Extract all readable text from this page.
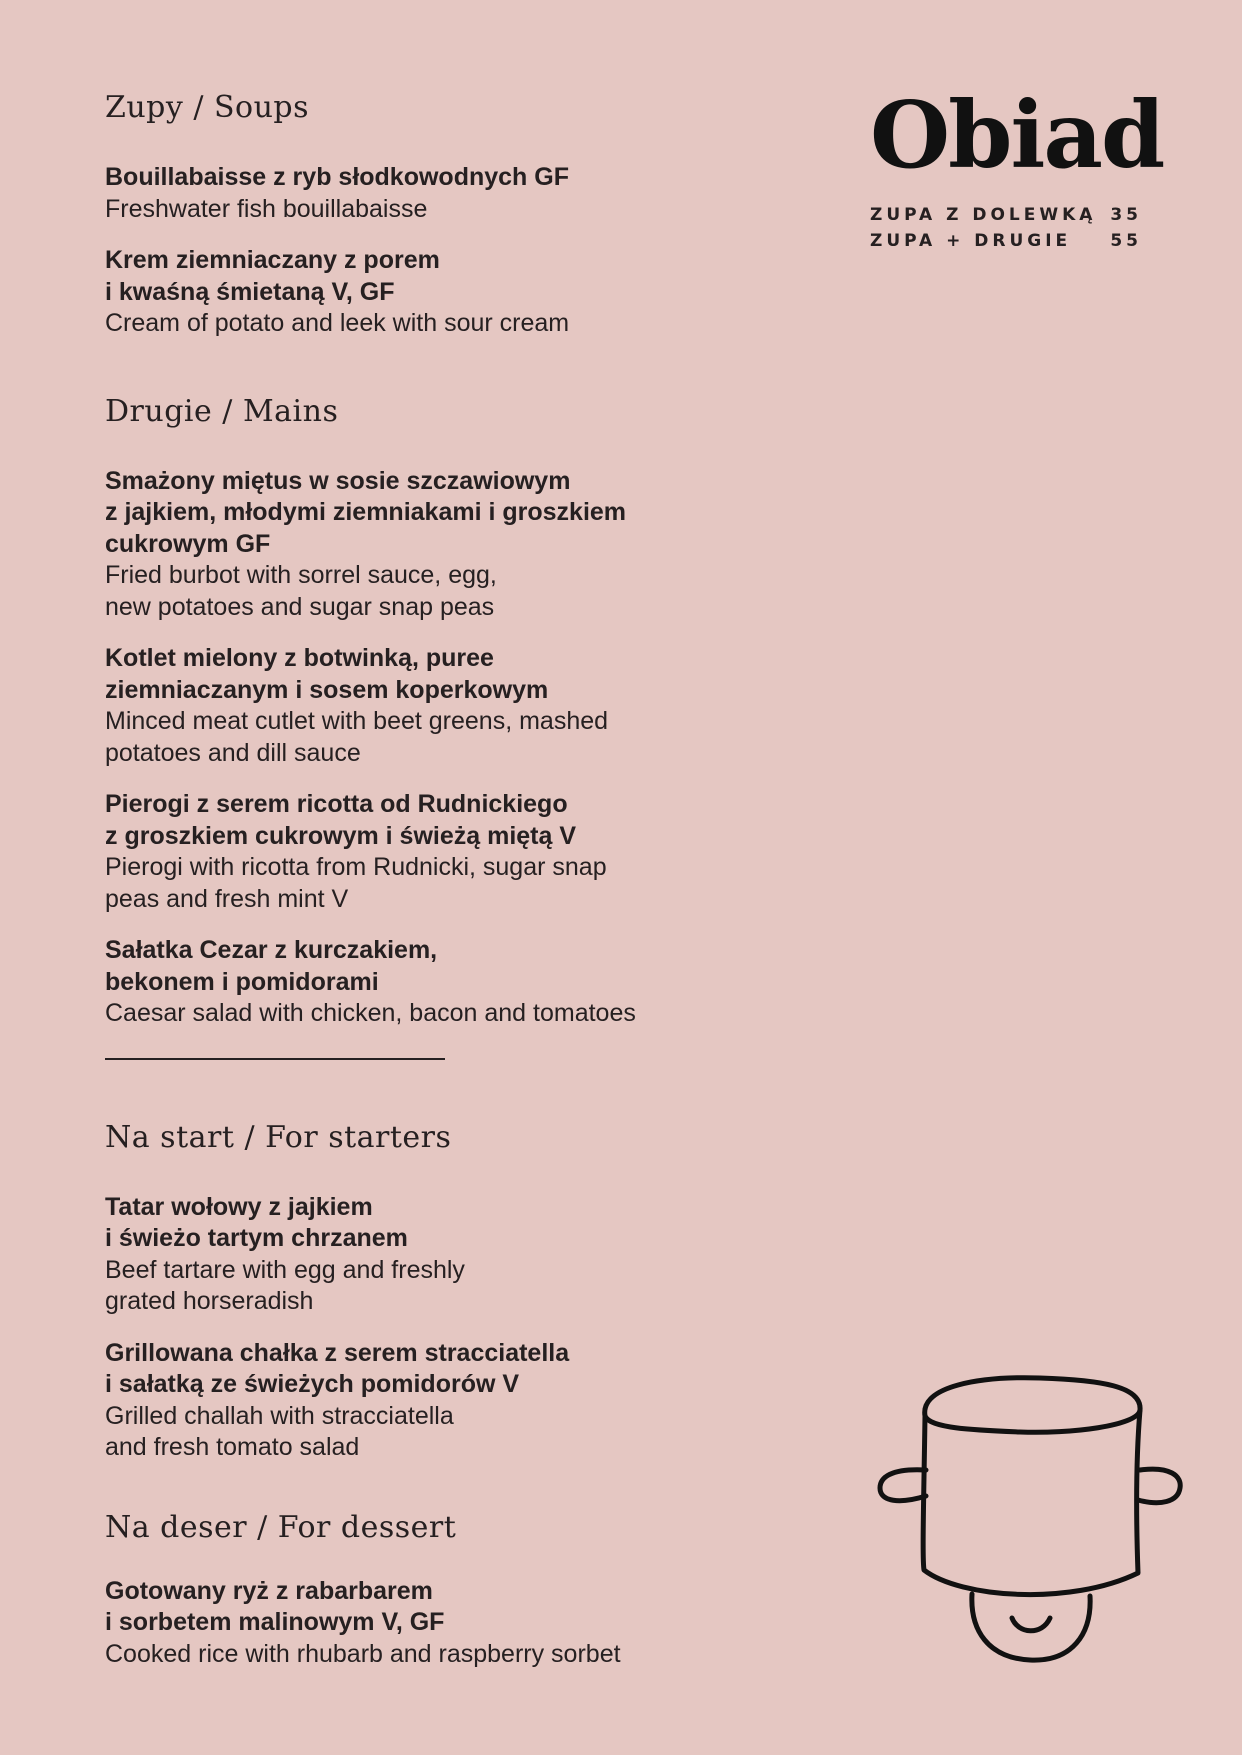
Zupy / Soups
Bouillabaisse z ryb słodkowodnych GF
Freshwater fish bouillabaisse
Krem ziemniaczany z porem
i kwaśną śmietaną V, GF
Cream of potato and leek with sour cream
Drugie / Mains
Smażony miętus w sosie szczawiowym
z jajkiem, młodymi ziemniakami i groszkiem
cukrowym GF
Fried burbot with sorrel sauce, egg,
new potatoes and sugar snap peas
Kotlet mielony z botwinką, puree
ziemniaczanym i sosem koperkowym
Minced meat cutlet with beet greens, mashed
potatoes and dill sauce
Pierogi z serem ricotta od Rudnickiego
z groszkiem cukrowym i świeżą miętą V
Pierogi with ricotta from Rudnicki, sugar snap
peas and fresh mint V
Sałatka Cezar z kurczakiem,
bekonem i pomidorami
Caesar salad with chicken, bacon and tomatoes
Na start / For starters
Tatar wołowy z jajkiem
i świeżo tartym chrzanem
Beef tartare with egg and freshly
grated horseradish
Grillowana chałka z serem stracciatella
i sałatką ze świeżych pomidorów V
Grilled challah with stracciatella
and fresh tomato salad
Na deser / For dessert
Gotowany ryż z rabarbarem
i sorbetem malinowym V, GF
Cooked rice with rhubarb and raspberry sorbet
Obiad
ZUPA Z DOLEWKĄ 35
ZUPA + DRUGIE 55
